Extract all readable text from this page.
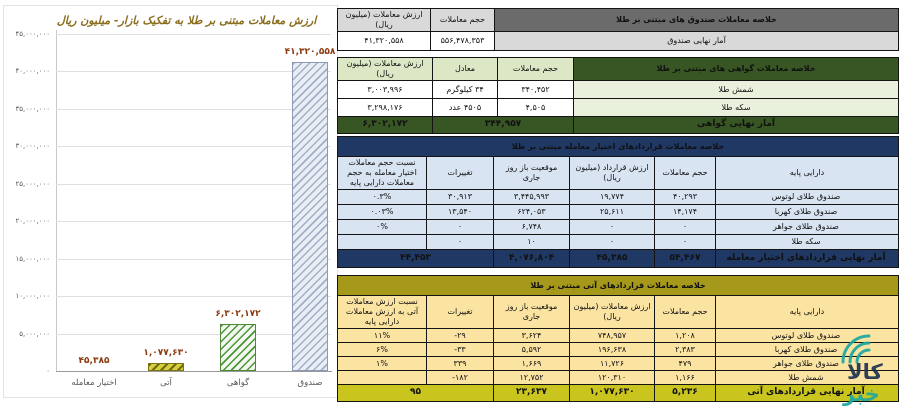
ارزش معاملات مبتنی بر طلا به تفکیک بازار- میلیون ریال
۰
۵,۰۰۰,۰۰۰
۱۰,۰۰۰,۰۰۰
۱۵,۰۰۰,۰۰۰
۲۰,۰۰۰,۰۰۰
۲۵,۰۰۰,۰۰۰
۳۰,۰۰۰,۰۰۰
۳۵,۰۰۰,۰۰۰
۴۰,۰۰۰,۰۰۰
۴۵,۰۰۰,۰۰۰
۴۵,۳۸۵
اختیار معامله
۱,۰۷۷,۶۳۰
آتی
۶,۳۰۲,۱۷۲
گواهی
۴۱,۳۲۰,۵۵۸
صندوق
خلاصه معاملات صندوق های مبتنی بر طلا	حجم معاملات	ارزش معاملات (میلیون ریال)
آمار نهایی صندوق	۵۵۶,۴۷۸,۳۵۳	۴۱,۳۲۰,۵۵۸
خلاصه معاملات گواهی های مبتنی بر طلا	حجم معاملات	معادل	ارزش معاملات (میلیون ریال)
شمش طلا	۳۴۰,۴۵۲	۳۴ کیلوگرم	۳,۰۰۳,۹۹۶
سکه طلا	۴,۵۰۵	۴۵۰۵ عدد	۳,۲۹۸,۱۷۶
آمار نهایی گواهی	۳۴۴,۹۵۷		۶,۳۰۲,۱۷۲
خلاصه معاملات قراردادهای اختیار معامله مبتنی بر طلا					
دارایی پایه	حجم معاملات	ارزش قرارداد (میلیون ریال)	موقعیت باز روز جاری	تغییرات	نسبت حجم معاملات اختیار معامله به حجم معاملات دارایی پایه
صندوق طلای لوتوس	۴۰,۲۹۳	۱۹,۷۷۴	۳,۴۴۵,۹۹۳	۳۰,۹۱۳	۰.۳%
صندوق طلای کهربا	۱۴,۱۷۴	۲۵,۶۱۱	۶۲۴,۰۵۳	۱۳,۵۴۰	۰.۰۳%
صندوق طلای جواهر	۰	۰	۶,۷۴۸	۰	۰%
سکه طلا	۰	۰	۱۰	۰	
آمار نهایی قراردادهای اختیار معامله	۵۴,۴۶۷	۴۵,۳۸۵	۴,۰۷۶,۸۰۴	۴۴,۴۵۳	
خلاصه معاملات قراردادهای آتی مبتنی بر طلا					
دارایی پایه	حجم معاملات	ارزش معاملات (میلیون ریال)	موقعیت باز روز جاری	تغییرات	نسبت ارزش معاملات آتی به ارزش معاملات دارایی پایه
صندوق طلای لوتوس	۱,۲۰۸	۷۴۸,۹۵۷	۳,۶۲۴	-۲۹	۱۱%
صندوق طلای کهربا	۲,۳۸۳	۱۹۶,۶۳۸	۵,۵۹۲	-۳۳	۶%
صندوق طلای جواهر	۴۷۹	۱۱,۷۲۶	۱,۶۶۹	۳۳۹	۱%
شمش طلا	۱,۱۶۶	۱۲۰,۳۱۰	۱۲,۷۵۲	-۱۸۲	
آمار نهایی قراردادهای آتی	۵,۲۳۶	۱,۰۷۷,۶۳۰	۲۳,۶۳۷	۹۵	
کالا
خبر
